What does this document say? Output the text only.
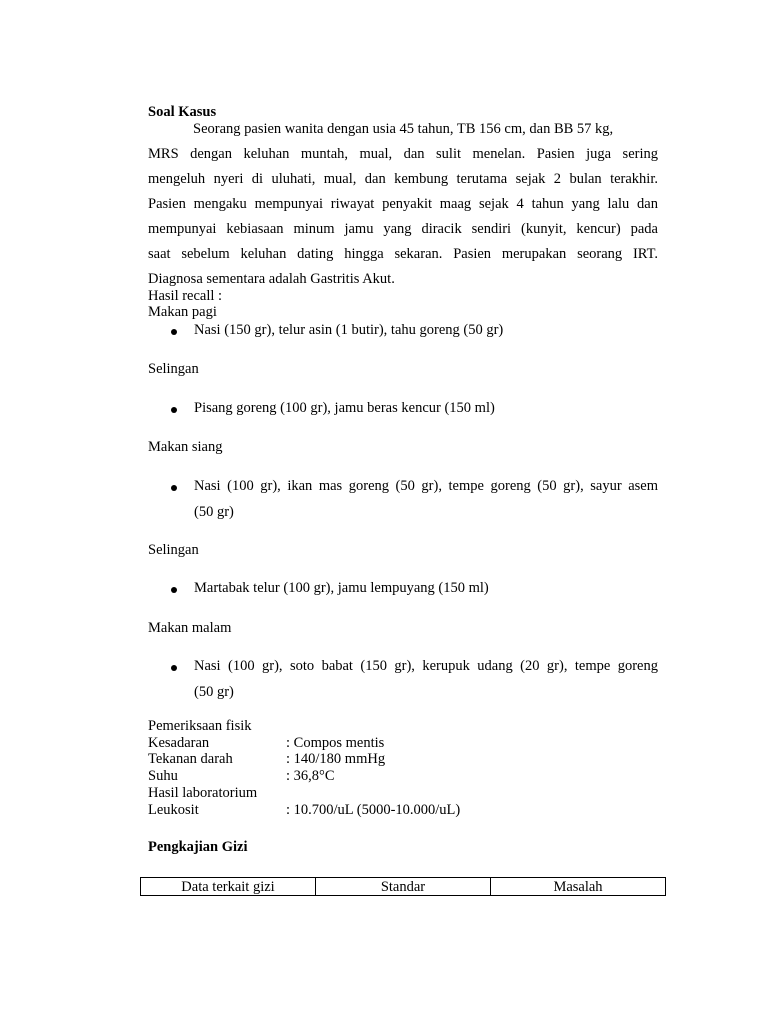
Soal Kasus
Seorang pasien wanita dengan usia 45 tahun, TB 156 cm, dan BB 57 kg,
MRS dengan keluhan muntah, mual, dan sulit menelan. Pasien juga sering
mengeluh nyeri di uluhati, mual, dan kembung terutama sejak 2 bulan terakhir.
Pasien mengaku mempunyai riwayat penyakit maag sejak 4 tahun yang lalu dan
mempunyai kebiasaan minum jamu yang diracik sendiri (kunyit, kencur) pada
saat sebelum keluhan dating hingga sekaran. Pasien merupakan seorang IRT.
Diagnosa sementara adalah Gastritis Akut.
Hasil recall :
Makan pagi
Nasi (150 gr), telur asin (1 butir), tahu goreng (50 gr)
Selingan
Pisang goreng (100 gr), jamu beras kencur (150 ml)
Makan siang
Nasi (100 gr), ikan mas goreng (50 gr), tempe goreng (50 gr), sayur asem
(50 gr)
Selingan
Martabak telur (100 gr), jamu lempuyang (150 ml)
Makan malam
Nasi (100 gr), soto babat (150 gr), kerupuk udang (20 gr), tempe goreng
(50 gr)
Pemeriksaan fisik
Kesadaran	: Compos mentis
Tekanan darah	: 140/180 mmHg
Suhu	: 36,8°C
Hasil laboratorium
Leukosit	: 10.700/uL (5000-10.000/uL)
Pengkajian Gizi
Data terkait gizi	Standar	Masalah
